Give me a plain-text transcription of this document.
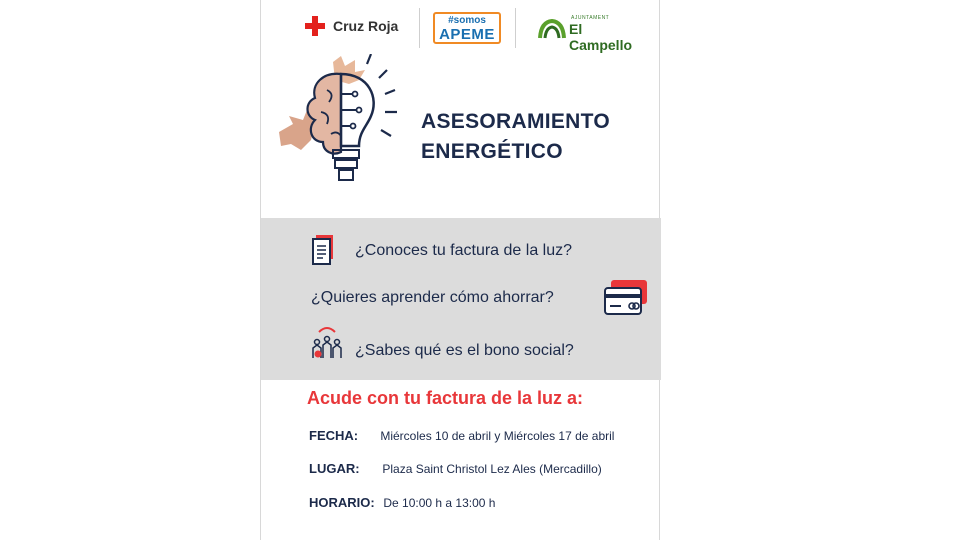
Cruz Roja	#somos
APEME
AJUNTAMENT
El Campello
ASESORAMIENTO
ENERGÉTICO
¿Conoces tu factura de la luz?
¿Quieres aprender cómo ahorrar?
¿Sabes qué es el bono social?
Acude con tu factura de la luz a:
FECHA: Miércoles 10 de abril y Miércoles 17 de abril
LUGAR: Plaza Saint Christol Lez Ales (Mercadillo)
HORARIO: De 10:00 h a 13:00 h
